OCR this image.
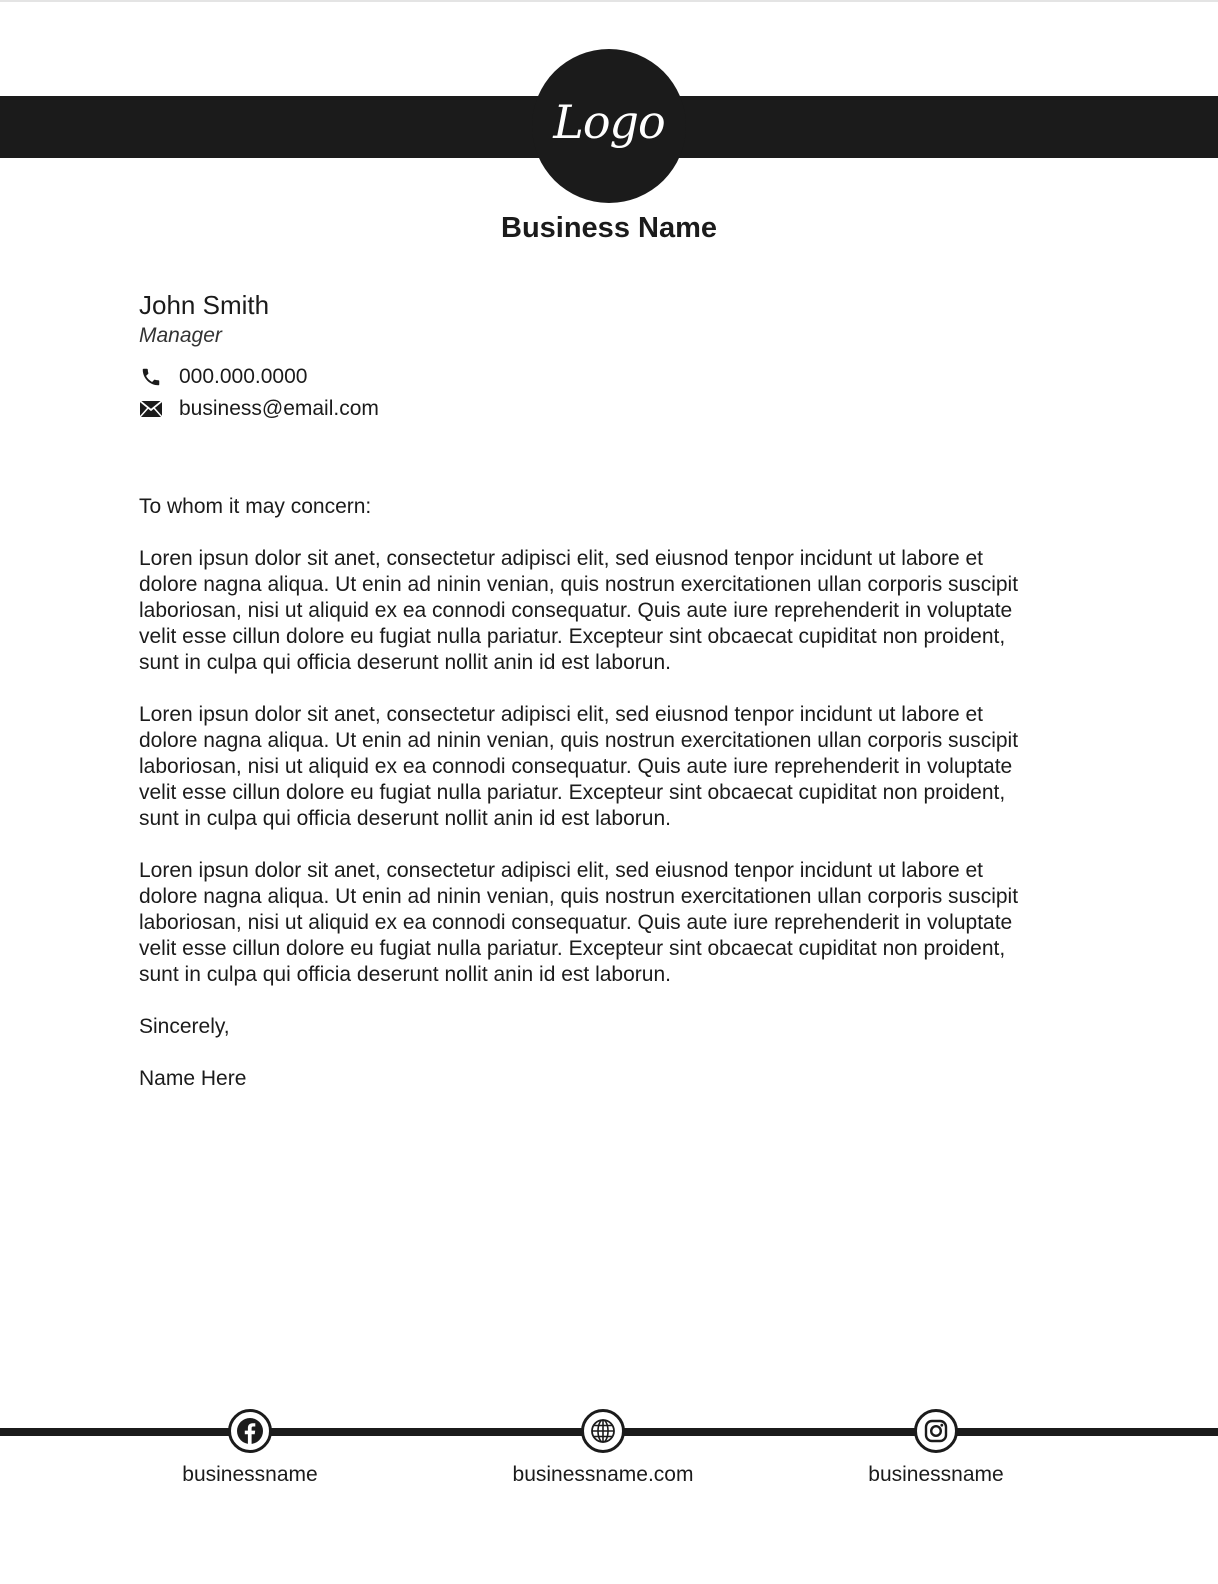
Logo
Business Name
John Smith
Manager
000.000.0000
business@email.com

To whom it may concern:

Loren ipsun dolor sit anet, consectetur adipisci elit, sed eiusnod tenpor incidunt ut labore et dolore nagna aliqua. Ut enin ad ninin venian, quis nostrun exercitationen ullan corporis suscipit laboriosan, nisi ut aliquid ex ea connodi consequatur. Quis aute iure reprehenderit in voluptate velit esse cillun dolore eu fugiat nulla pariatur. Excepteur sint obcaecat cupiditat non proident, sunt in culpa qui officia deserunt nollit anin id est laborun.

Loren ipsun dolor sit anet, consectetur adipisci elit, sed eiusnod tenpor incidunt ut labore et dolore nagna aliqua. Ut enin ad ninin venian, quis nostrun exercitationen ullan corporis suscipit laboriosan, nisi ut aliquid ex ea connodi consequatur. Quis aute iure reprehenderit in voluptate velit esse cillun dolore eu fugiat nulla pariatur. Excepteur sint obcaecat cupiditat non proident, sunt in culpa qui officia deserunt nollit anin id est laborun.

Loren ipsun dolor sit anet, consectetur adipisci elit, sed eiusnod tenpor incidunt ut labore et dolore nagna aliqua. Ut enin ad ninin venian, quis nostrun exercitationen ullan corporis suscipit laboriosan, nisi ut aliquid ex ea connodi consequatur. Quis aute iure reprehenderit in voluptate velit esse cillun dolore eu fugiat nulla pariatur. Excepteur sint obcaecat cupiditat non proident, sunt in culpa qui officia deserunt nollit anin id est laborun.

Sincerely,

Name Here

businessname	businessname.com	businessname
